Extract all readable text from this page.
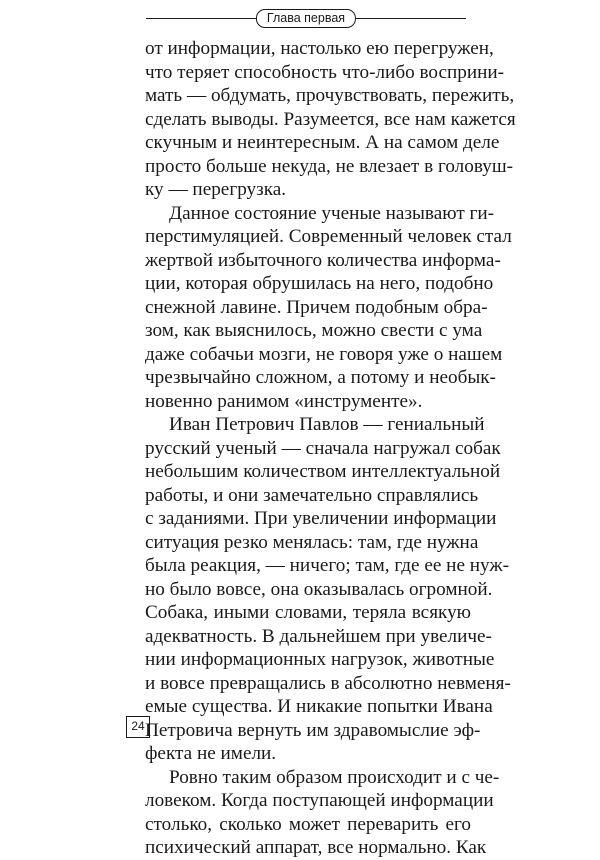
Глава первая
от информации, настолько ею перегружен,
что теряет способность что-либо восприни-
мать — обдумать, прочувствовать, пережить,
сделать выводы. Разумеется, все нам кажется
скучным и неинтересным. А на самом деле
просто больше некуда, не влезает в головуш-
ку — перегрузка.
Данное состояние ученые называют ги-
перстимуляцией. Современный человек стал
жертвой избыточного количества информа-
ции, которая обрушилась на него, подобно
снежной лавине. Причем подобным обра-
зом, как выяснилось, можно свести с ума
даже собачьи мозги, не говоря уже о нашем
чрезвычайно сложном, а потому и необык-
новенно ранимом «инструменте».
Иван Петрович Павлов — гениальный
русский ученый — сначала нагружал собак
небольшим количеством интеллектуальной
работы, и они замечательно справлялись
с заданиями. При увеличении информации
ситуация резко менялась: там, где нужна
была реакция, — ничего; там, где ее не нуж-
но было вовсе, она оказывалась огромной.
Собака, иными словами, теряла всякую
адекватность. В дальнейшем при увеличе-
нии информационных нагрузок, животные
и вовсе превращались в абсолютно невменя-
емые существа. И никакие попытки Ивана
Петровича вернуть им здравомыслие эф-
фекта не имели.
Ровно таким образом происходит и с че-
ловеком. Когда поступающей информации
столько, сколько может переварить его
психический аппарат, все нормально. Как
24
